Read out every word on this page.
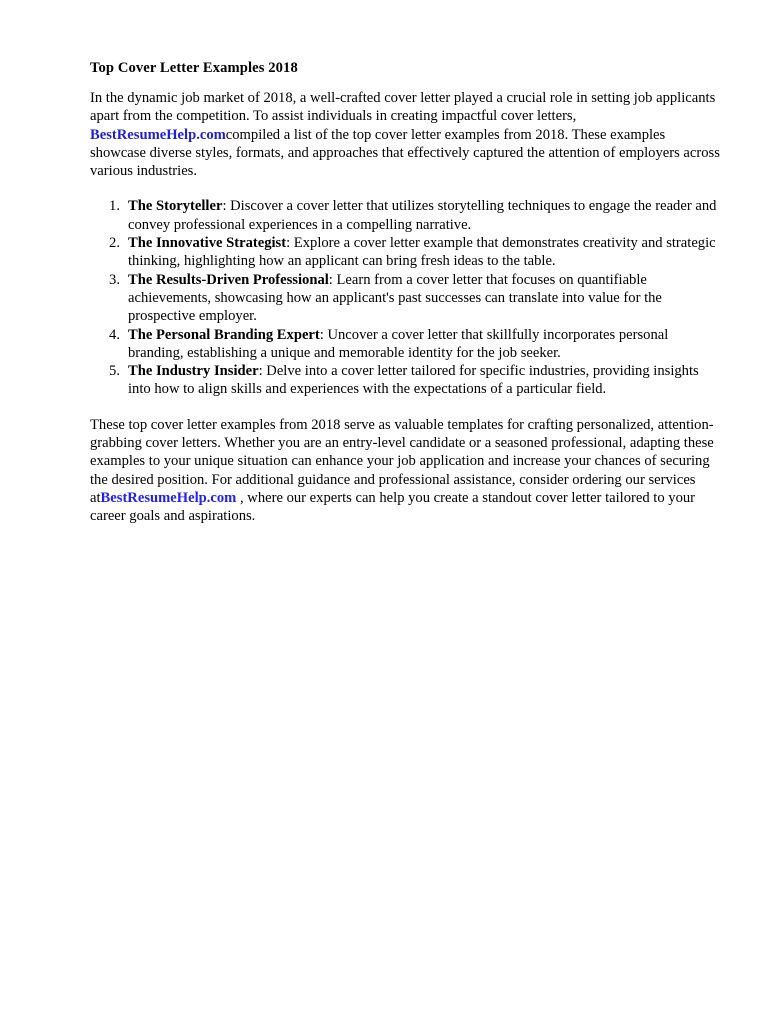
Top Cover Letter Examples 2018

In the dynamic job market of 2018, a well-crafted cover letter played a crucial role in setting job applicants apart from the competition. To assist individuals in creating impactful cover letters, BestResumeHelp.comcompiled a list of the top cover letter examples from 2018. These examples showcase diverse styles, formats, and approaches that effectively captured the attention of employers across various industries.

The Storyteller: Discover a cover letter that utilizes storytelling techniques to engage the reader and convey professional experiences in a compelling narrative.
The Innovative Strategist: Explore a cover letter example that demonstrates creativity and strategic thinking, highlighting how an applicant can bring fresh ideas to the table.
The Results-Driven Professional: Learn from a cover letter that focuses on quantifiable achievements, showcasing how an applicant's past successes can translate into value for the prospective employer.
The Personal Branding Expert: Uncover a cover letter that skillfully incorporates personal branding, establishing a unique and memorable identity for the job seeker.
The Industry Insider: Delve into a cover letter tailored for specific industries, providing insights into how to align skills and experiences with the expectations of a particular field.

These top cover letter examples from 2018 serve as valuable templates for crafting personalized, attention-grabbing cover letters. Whether you are an entry-level candidate or a seasoned professional, adapting these examples to your unique situation can enhance your job application and increase your chances of securing the desired position. For additional guidance and professional assistance, consider ordering our services atBestResumeHelp.com , where our experts can help you create a standout cover letter tailored to your career goals and aspirations.
